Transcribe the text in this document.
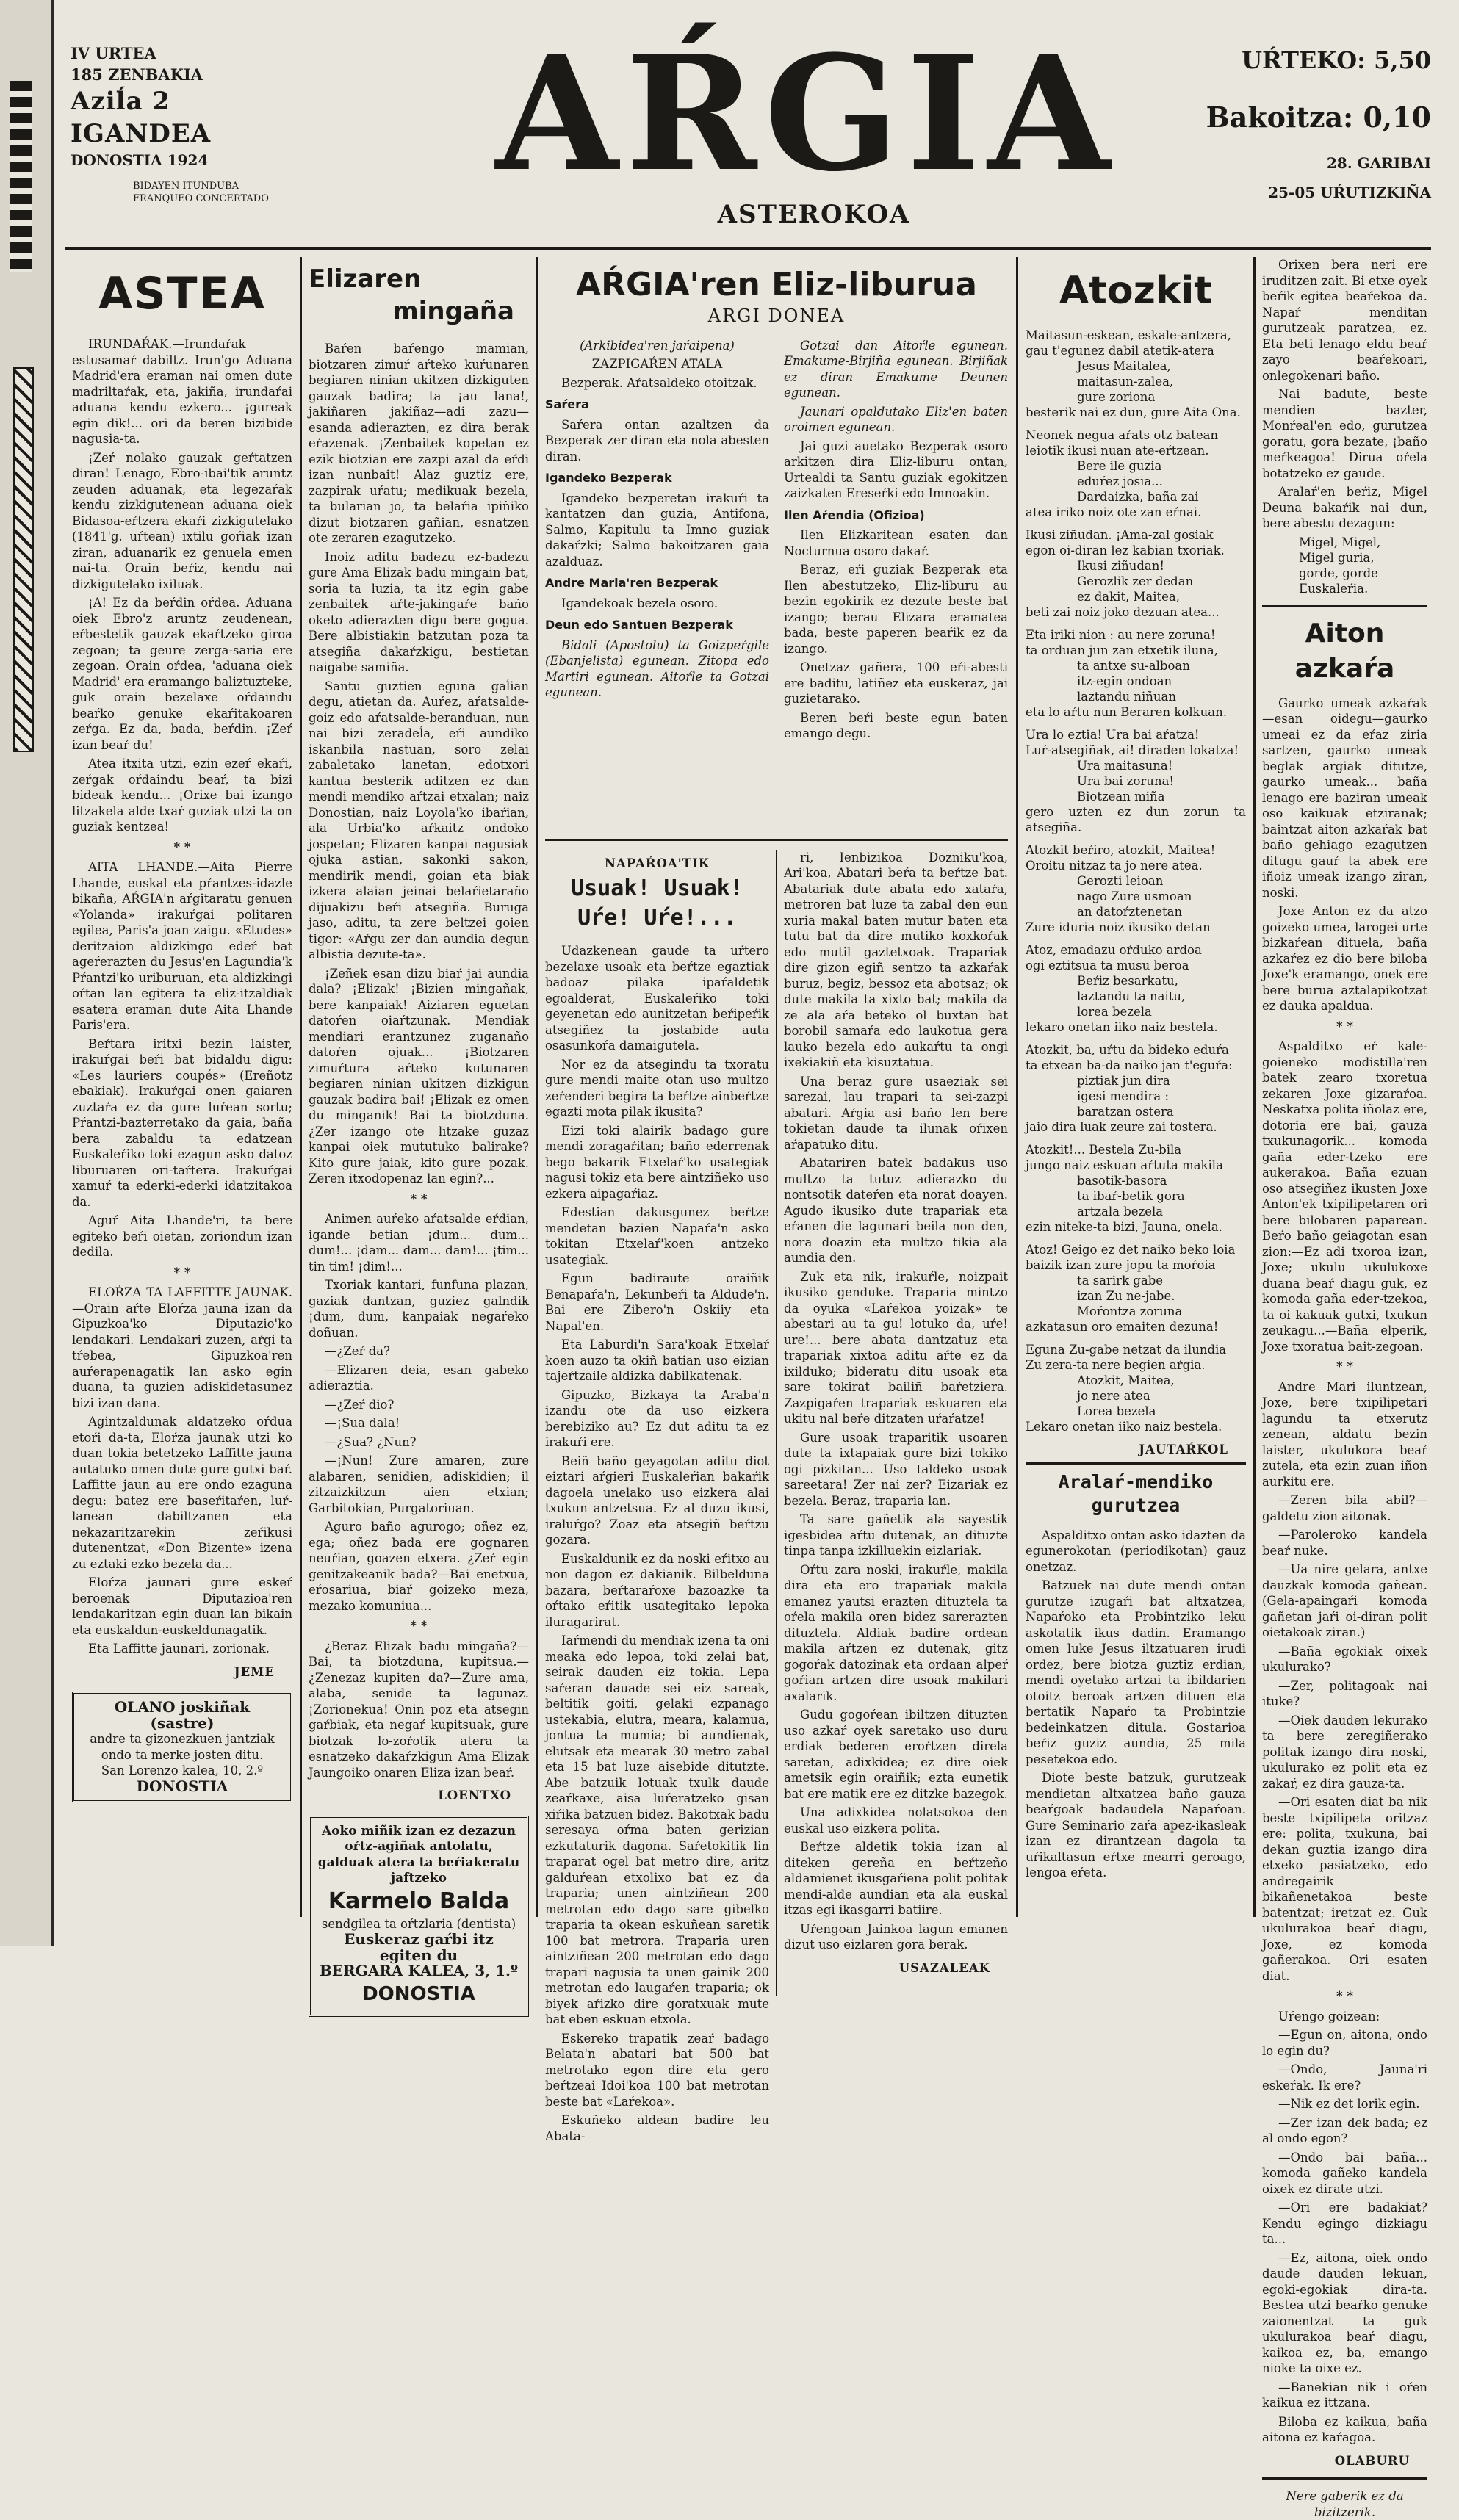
IV URTEA
185 ZENBAKIA
Aziĺa 2
IGANDEA
DONOSTIA 1924
BIDAYEN ITUNDUBA
FRANQUEO CONCERTADO	AŔGIA
ASTEROKOA
UŔTEKO: 5,50
Bakoitza: 0,10
28. GARIBAI
25-05 UŔUTIZKIÑA
ASTEA

IRUNDAŔAK.—Irundaŕak estusamaŕ dabiltz. Irun'go Aduana Madrid'era eraman nai omen dute madriltaŕak, eta, jakiña, irundaŕai aduana kendu ezkero... ¡gureak egin dik!... ori da beren bizibide nagusia-ta.

¡Zeŕ nolako gauzak geŕtatzen diran! Lenago, Ebro-ibai'tik aruntz zeuden aduanak, eta legezaŕak kendu zizkigutenean aduana oiek Bidasoa-eŕtzera ekaŕi zizkigutelako (1841'g. uŕtean) ixtilu goŕiak izan ziran, aduanarik ez genuela emen nai-ta. Orain beŕiz, kendu nai dizkigutelako ixiluak.

¡A! Ez da beŕdin oŕdea. Aduana oiek Ebro'z aruntz zeudenean, eŕbestetik gauzak ekaŕtzeko giroa zegoan; ta geure zerga-saria ere zegoan. Orain oŕdea, 'aduana oiek Madrid' era eramango baliztuzteke, guk orain bezelaxe oŕdaindu beaŕko genuke ekaŕitakoaren zeŕga. Ez da, bada, beŕdin. ¡Zeŕ izan beaŕ du!

Atea itxita utzi, ezin ezeŕ ekaŕi, zeŕgak oŕdaindu beaŕ, ta bizi bideak kendu... ¡Orixe bai izango litzakela alde txaŕ guziak utzi ta on guziak kentzea!

* *

AITA LHANDE.—Aita Pierre Lhande, euskal eta pŕantzes-idazle bikaña, AŔGIA'n aŕgitaratu genuen «Yolanda» irakuŕgai politaren egilea, Paris'a joan zaigu. «Etudes» deritzaion aldizkingo edeŕ bat ageŕerazten du Jesus'en Lagundia'k Pŕantzi'ko uriburuan, eta aldizkingi oŕtan lan egitera ta eliz-itzaldiak esatera eraman dute Aita Lhande Paris'era.

Beŕtara iritxi bezin laister, irakuŕgai beŕi bat bidaldu digu: «Les lauriers coupés» (Ereñotz ebakiak). Irakuŕgai onen gaiaren zuztaŕa ez da gure luŕean sortu; Pŕantzi-bazterretako da gaia, baña bera zabaldu ta edatzean Euskaleŕiko toki ezagun asko datoz liburuaren ori-taŕtera. Irakuŕgai xamuŕ ta ederki-ederki idatzitakoa da.

Aguŕ Aita Lhande'ri, ta bere egiteko beŕi oietan, zoriondun izan dedila.

* *

ELOŔZA TA LAFFITTE JAUNAK.—Orain aŕte Eloŕza jauna izan da Gipuzkoa'ko Diputazio'ko lendakari. Lendakari zuzen, aŕgi ta tŕebea, Gipuzkoa'ren auŕerapenagatik lan asko egin duana, ta guzien adiskidetasunez bizi izan dana.

Agintzaldunak aldatzeko oŕdua etoŕi da-ta, Eloŕza jaunak utzi ko duan tokia betetzeko Laffitte jauna autatuko omen dute gure gutxi baŕ. Laffitte jaun au ere ondo ezaguna degu: batez ere baseŕitaŕen, luŕ-lanean dabiltzanen eta nekazaritzarekin zeŕikusi dutenentzat, «Don Bizente» izena zu eztaki ezko bezela da...

Eloŕza jaunari gure eskeŕ beroenak Diputazioa'ren lendakaritzan egin duan lan bikain eta euskaldun-euskeldunagatik.

Eta Laffitte jaunari, zorionak.

JEME
OLANO joskiñak (sastre)
andre ta gizonezkuen jantziak ondo ta merke josten ditu.
San Lorenzo kalea, 10, 2.º
DONOSTIA
Elizaren
mingaña

Baŕen baŕengo mamian, biotzaren zimuŕ aŕteko kuŕunaren begiaren ninian ukitzen dizkiguten gauzak badira; ta ¡au lana!, jakiñaren jakiñaz—adi zazu—esanda adierazten, ez dira berak eŕazenak. ¡Zenbaitek kopetan ez ezik biotzian ere zazpi azal da eŕdi izan nunbait! Alaz guztiz ere, zazpirak uŕatu; medikuak bezela, ta bularian jo, ta belaŕia ipiñiko dizut biotzaren gañian, esnatzen ote zeraren ezagutzeko.

Inoiz aditu badezu ez-badezu gure Ama Elizak badu mingain bat, soria ta luzia, ta itz egin gabe zenbaitek aŕte-jakingaŕe baño oketo adierazten digu bere gogua. Bere albistiakin batzutan poza ta atsegiña dakaŕzkigu, bestietan naigabe samiña.

Santu guztien eguna gaĺian degu, atietan da. Auŕez, aŕatsalde-goiz edo aŕatsalde-beranduan, nun nai bizi zeradeĺa, eŕi aundiko iskanbila nastuan, soro zelai zabaletako lanetan, edotxori kantua besterik aditzen ez dan mendi mendiko aŕtzai etxalan; naiz Donostian, naiz Loyola'ko ibaŕian, ala Urbia'ko aŕkaitz ondoko jospetan; Elizaren kanpai nagusiak ojuka astian, sakonki sakon, mendirik mendi, goian eta biak izkera alaian jeinai belaŕietaraño dijuakizu beŕi atsegiña. Buruga jaso, aditu, ta zere beltzei goien tigor: «Aŕgu zer dan aundia degun albistia dezute-ta».

¡Zeñek esan dizu biaŕ jai aundia dala? ¡Elizak! ¡Bizien mingañak, bere kanpaiak! Aiziaren eguetan datoŕen oiaŕtzunak. Mendiak mendiari erantzunez zuganaño datoŕen ojuak... ¡Biotzaren zimuŕtura aŕteko kutunaren begiaren ninian ukitzen dizkigun gauzak badira bai! ¡Elizak ez omen du minganik! Bai ta biotzduna. ¿Zer izango ote litzake guzaz kanpai oiek mututuko balirake? Kito gure jaiak, kito gure pozak. Zeren itxodopenaz lan egin?...

* *

Animen auŕeko aŕatsalde eŕdian, igande betian ¡dum... dum... dum!... ¡dam... dam... dam!... ¡tim... tin tim! ¡dim!...

Txoriak kantari, funfuna plazan, gaziak dantzan, guziez galndik ¡dum, dum, kanpaiak negaŕeko doñuan.

—¿Zeŕ da?

—Elizaren deia, esan gabeko adieraztia.

—¿Zeŕ dio?

—¡Sua dala!

—¿Sua? ¿Nun?

—¡Nun! Zure amaren, zure alabaren, senidien, adiskidien; il zitzaizkitzun aien etxian; Garbitokian, Purgatoriuan.

Aguro baño agurogo; oñez ez, ega; oñez bada ere gognaren neuŕian, goazen etxera. ¿Zeŕ egin genitzakeanik bada?—Bai enetxua, eŕosariua, biaŕ goizeko meza, mezako komuniua...

* *

¿Beraz Elizak badu mingaña?—Bai, ta biotzduna, kupitsua.—¿Zenezaz kupiten da?—Zure ama, alaba, senide ta lagunaz. ¡Zorionekua! Onin poz eta atsegin gaŕbiak, eta negaŕ kupitsuak, gure biotzak lo-zoŕotik atera ta esnatzeko dakaŕzkigun Ama Elizak Jaungoiko onaren Eliza izan beaŕ.

LOENTXO
Aoko miñik izan ez dezazun oŕtz-agiñak antolatu, galduak atera ta beŕiakeratu jaftzeko
Karmelo Balda
sendgilea ta oŕtzlaria (dentista)
Euskeraz gaŕbi itz egiten du
BERGARA KALEA, 3, 1.º
DONOSTIA
AŔGIA'ren Eliz-liburua
ARGI DONEA

(Arkibidea'ren jaŕaipena)

ZAZPIGAŔEN ATALA

Bezperak. Aŕatsaldeko otoitzak.

Saŕera

Saŕera ontan azaltzen da Bezperak zer diran eta nola abesten diran.

Igandeko Bezperak

Igandeko bezperetan irakuŕi ta kantatzen dan guzia, Antifona, Salmo, Kapitulu ta Imno guziak dakaŕzki; Salmo bakoitzaren gaia azalduaz.

Andre Maria'ren Bezperak

Igandekoak bezela osoro.

Deun edo Santuen Bezperak

Bidali (Apostolu) ta Goizpeŕgile (Ebanjelista) egunean. Zitopa edo Martiri egunean. Aitoŕle ta Gotzai egunean.

Gotzai dan Aitoŕle egunean. Emakume-Birjiña egunean. Birjiñak ez diran Emakume Deunen egunean.

Jaunari opaldutako Eliz'en baten oroimen egunean.

Jai guzi auetako Bezperak osoro arkitzen dira Eliz-liburu ontan, Urtealdi ta Santu guziak egokitzen zaizkaten Ereseŕki edo Imnoakin.

Ilen Aŕendia (Ofizioa)

Ilen Elizkaritean esaten dan Nocturnua osoro dakaŕ.

Beraz, eŕi guziak Bezperak eta Ilen abestutzeko, Eliz-liburu au bezin egokirik ez dezute beste bat izango; berau Elizara eramatea bada, beste paperen beaŕik ez da izango.

Onetzaz gañera, 100 eŕi-abesti ere baditu, latiñez eta euskeraz, jai guzietarako.

Beren beŕi beste egun baten emango degu.

NAPAŔOA'TIK

Usuak! Usuak! Uŕe! Uŕe!...

Udazkenean gaude ta uŕtero bezelaxe usoak eta beŕtze egaztiak badoaz pilaka ipaŕaldetik egoalderat, Euskaleŕiko toki geyenetan edo aunitzetan beŕipeŕik atsegiñez ta jostabide auta osasunkoŕa damaigutela.

Nor ez da atsegindu ta txoratu gure mendi maite otan uso multzo zeŕenderi begira ta beŕtze ainbeŕtze egazti mota pilak ikusita?

Eizi toki alairik badago gure mendi zoragaŕitan; baño ederrenak bego bakarik Etxelaŕ'ko usategiak nagusi tokiz eta bere aintziñeko uso ezkera aipagaŕiaz.

Edestian dakusgunez beŕtze mendetan bazien Napaŕa'n asko tokitan Etxelaŕ'koen antzeko usategiak.

Egun badiraute oraiñik Benapaŕa'n, Lekunbeŕi ta Aldude'n. Bai ere Zibero'n Oskiiy eta Napal'en.

Eta Laburdi'n Sara'koak Etxelaŕ koen auzo ta okiñ batian uso eizian tajeŕtzaile aldizka dabilkatenak.

Gipuzko, Bizkaya ta Araba'n izandu ote da uso eizkera berebiziko au? Ez dut aditu ta ez irakuŕi ere.

Beiñ baño geyagotan aditu diot eiztari aŕgieri Euskaleŕian bakaŕik dagoela unelako uso eizkera alai txukun antzetsua. Ez al duzu ikusi, iraluŕgo? Zoaz eta atsegiñ beŕtzu gozara.

Euskaldunik ez da noski eŕitxo au non dagon ez dakianik. Bilbelduna bazara, beŕtaraŕoxe bazoazke ta oŕtako eŕitik usategitako lepoka iluragarirat.

Iaŕmendi du mendiak izena ta oni meaka edo lepoa, toki zelai bat, seirak dauden eiz tokia. Lepa saŕeran dauade sei eiz sareak, beltitik goiti, gelaki ezpanago ustekabia, elutra, meara, kalamua, jontua ta mumia; bi aundienak, elutsak eta mearak 30 metro zabal eta 15 bat luze aisebide ditutzte. Abe batzuik lotuak txulk daude zeaŕkaxe, aisa luŕeratzeko gisan xiŕika batzuen bidez. Bakotxak badu seresaya oŕma baten gerizian ezkutaturik dagona. Saŕetokitik lin traparat ogel bat metro dire, aritz galduŕean etxolixo bat ez da traparia; unen aintziñean 200 metrotan edo dago sare gibelko traparia ta okean eskuñean saretik 100 bat metrora. Traparia uren aintziñean 200 metrotan edo dago trapari nagusia ta unen gainik 200 metrotan edo laugaŕen traparia; ok biyek aŕizko dire goratxuak mute bat eben eskuan etxola.

Eskereko trapatik zeaŕ badago Belata'n abatari bat 500 bat metrotako egon dire eta gero beŕtzeai Idoi'koa 100 bat metrotan beste bat «Laŕekoa».

Eskuñeko aldean badire leu Abata-

ri, Ienbizikoa Dozniku'koa, Ari'koa, Abatari beŕa ta beŕtze bat. Abatariak dute abata edo xataŕa, metroren bat luze ta zabal den eun xuria makal baten mutur baten eta tutu bat da dire mutiko koxkoŕak edo mutil gaztetxoak. Trapariak dire gizon egiñ sentzo ta azkaŕak buruz, begiz, bessoz eta abotsaz; ok dute makila ta xixto bat; makila da ze ala aŕa beteko ol buxtan bat borobil samaŕa edo laukotua gera lauko bezela edo aukaŕtu ta ongi ixekiakiñ eta kisuztatua.

Una beraz gure usaeziak sei sarezai, lau trapari ta sei-zazpi abatari. Aŕgia asi baño len bere tokietan daude ta ilunak oŕixen aŕapatuko ditu.

Abatariren batek badakus uso multzo ta tutuz adierazko du nontsotik dateŕen eta norat doayen. Agudo ikusiko dute trapariak eta eŕanen die lagunari beila non den, nora doazin eta multzo tikia ala aundia den.

Zuk eta nik, irakuŕle, noizpait ikusiko genduke. Traparia mintzo da oyuka «Laŕekoa yoizak» te abestari au ta gu! lotuko da, uŕe! ure!... bere abata dantzatuz eta trapariak xixtoa aditu aŕte ez da ixilduko; bideratu ditu usoak eta sare tokirat bailiñ baŕetziera. Zazpigaŕen trapariak eskuaren eta ukitu nal beŕe ditzaten uŕaŕatze!

Gure usoak traparitik usoaren dute ta ixtapaiak gure bizi tokiko ogi pizkitan... Uso taldeko usoak sareetara! Zer nai zer? Eizariak ez bezela. Beraz, traparia lan.

Ta sare gañetik ala sayestik igesbidea aŕtu dutenak, an dituzte tinpa tanpa izkilluekin eizlariak.

Oŕtu zara noski, irakuŕle, makila dira eta ero trapariak makila emanez yautsi erazten dituztela ta oŕela makila oren bidez sarerazten dituztela. Aldiak badire ordean makila aŕtzen ez dutenak, gitz gogoŕak datozinak eta ordaan alpeŕ goŕian artzen dire usoak makilari axalarik.

Gudu gogoŕean ibiltzen dituzten uso azkaŕ oyek saretako uso duru erdiak bederen eroŕtzen direla saretan, adixkidea; ez dire oiek ametsik egin oraiñik; ezta eunetik bat ere matik ere ez ditzke bazegok.

Una adixkidea nolatsokoa den euskal uso eizkera polita.

Beŕtze aldetik tokia izan al diteken gereña en beŕtzeño aldamienet ikusgaŕiena polit politak mendi-alde aundian eta ala euskal itzas egi ikasgarri batiire.

Uŕengoan Jainkoa lagun emanen dizut uso eizlaren gora berak.

USAZALEAK
Atozkit
Maitasun-eskean, eskale-antzera,
gau t'egunez dabil atetik-atera
Jesus Maitalea,
maitasun-zalea,
gure zoriona
besterik nai ez dun, gure Aita Ona.
Neonek negua aŕats otz batean
leiotik ikusi nuan ate-eŕtzean.
Bere ile guzia
eduŕez josia...
Dardaizka, baña zai
atea iriko noiz ote zan eŕnai.
Ikusi ziñudan. ¡Ama-zal gosiak
egon oi-diran lez kabian txoriak.
Ikusi ziñudan!
Gerozlik zer dedan
ez dakit, Maitea,
beti zai noiz joko dezuan atea...
Eta iriki nion : au nere zoruna!
ta orduan jun zan etxetik iluna,
ta antxe su-alboan
itz-egin ondoan
laztandu niñuan
eta lo aŕtu nun Beraren kolkuan.
Ura lo eztia! Ura bai aŕatza!
Luŕ-atsegiñak, ai! diraden lokatza!
Ura maitasuna!
Ura bai zoruna!
Biotzean miña
gero uzten ez dun zorun ta atsegiña.
Atozkit beŕiro, atozkit, Maitea!
Oroitu nitzaz ta jo nere atea.
Gerozti leioan
nago Zure usmoan
an datoŕztenetan
Zure iduria noiz ikusiko detan
Atoz, emadazu oŕduko ardoa
ogi eztitsua ta musu beroa
Beŕiz besarkatu,
laztandu ta naitu,
lorea bezela
lekaro onetan iiko naiz bestela.
Atozkit, ba, uŕtu da bideko eduŕa
ta etxean ba-da naiko jan t'eguŕa:
piztiak jun dira
igesi mendira :
baratzan ostera
jaio dira luak zeure zai tostera.
Atozkit!... Bestela Zu-bila
jungo naiz eskuan aŕtuta makila
basotik-basora
ta ibaŕ-betik gora
artzala bezela
ezin niteke-ta bizi, Jauna, onela.
Atoz! Geigo ez det naiko beko loia
baizik izan zure jopu ta moŕoia
ta sarirk gabe
izan Zu ne-jabe.
Moŕontza zoruna
azkatasun oro emaiten dezuna!
Eguna Zu-gabe netzat da ilundia
Zu zera-ta nere begien aŕgia.
Atozkit, Maitea,
jo nere atea
Lorea bezela
Lekaro onetan iiko naiz bestela.
JAUTAŔKOL
Aralaŕ-mendiko gurutzea

Aspalditxo ontan asko idazten da egunerokotan (periodikotan) gauz onetzaz.

Batzuek nai dute mendi ontan gurutze izugaŕi bat altxatzea, Napaŕoko eta Probintziko leku askotatik ikus dadin. Eramango omen luke Jesus iltzatuaren irudi ordez, bere biotza guztiz erdian, mendi oyetako artzai ta ibildarien otoitz beroak artzen dituen eta bertatik Napaŕo ta Probintzie bedeinkatzen ditula. Gostarioa beŕiz guziz aundia, 25 mila pesetekoa edo.

Diote beste batzuk, gurutzeak mendietan altxatzea baño gauza beaŕgoak badaudela Napaŕoan. Gure Seminario zaŕa apez-ikasleak izan ez dirantzean dagola ta uŕikaltasun eŕtxe mearri geroago, lengoa eŕeta.

Orixen bera neri ere iruditzen zait. Bi etxe oyek beŕik egitea beaŕekoa da. Napaŕ menditan gurutzeak paratzea, ez. Eta beti lenago eldu beaŕ zayo beaŕekoari, onlegokenari baño.

Nai badute, beste mendien bazter, Monŕeal'en edo, gurutzea goratu, gora bezate, ¡baño meŕkeagoa! Dirua oŕela botatzeko ez gaude.

Aralaŕ'en beŕiz, Migel Deuna bakaŕik nai dun, bere abestu dezagun:

Migel, Migel,
Migel guria,
gorde, gorde
Euskaleŕia.
Aiton azkaŕa

Gaurko umeak azkaŕak—esan oidegu—gaurko umeai ez da eŕaz ziria sartzen, gaurko umeak beglak argiak ditutze, gaurko umeak... baña lenago ere baziran umeak oso kaikuak etziranak; baintzat aiton azkaŕak bat baño gehiago ezagutzen ditugu gauŕ ta abek ere iñoiz umeak izango ziran, noski.

Joxe Anton ez da atzo goizeko umea, larogei urte bizkaŕean dituela, baña azkaŕez ez dio bere biloba Joxe'k eramango, onek ere bere burua aztalapikotzat ez dauka apaldua.

* *

Aspalditxo eŕ kale-goieneko modistilla'ren batek zearo txoretua zekaren Joxe gizaraŕoa. Neskatxa polita iñolaz ere, dotoria ere bai, gauza txukunagorik... komoda gaña eder-tzeko ere aukerakoa. Baña ezuan oso atsegiñez ikusten Joxe Anton'ek txipilipetaren ori bere bilobaren paparean. Beŕo baño geiagotan esan zion:—Ez adi txoroa izan, Joxe; ukulu ukulukoxe duana beaŕ diagu guk, ez komoda gaña eder-tzekoa, ta oi kakuak gutxi, txukun zeukagu...—Baña elperik, Joxe txoratua bait-zegoan.

* *

Andre Mari iluntzean, Joxe, bere txipilipetari lagundu ta etxerutz zenean, aldatu bezin laister, ukulukora beaŕ zutela, eta ezin zuan iñon aurkitu ere.

—Zeren bila abil?—galdetu zion aitonak.

—Paroleroko kandela beaŕ nuke.

—Ua nire gelara, antxe dauzkak komoda gañean. (Gela-apaingaŕi komoda gañetan jaŕi oi-diran polit oietakoak ziran.)

—Baña egokiak oixek ukulurako?

—Zer, politagoak nai ituke?

—Oiek dauden lekurako ta bere zeregiñerako politak izango dira noski, ukulurako ez polit eta ez zakaŕ, ez dira gauza-ta.

—Ori esaten diat ba nik beste txipilipeta oritzaz ere: polita, txukuna, bai dekan guztia izango dira etxeko pasiatzeko, edo andregairik bikañenetakoa beste batentzat; iretzat ez. Guk ukulurakoa beaŕ diagu, Joxe, ez komoda gañerakoa. Ori esaten diat.

* *

Uŕengo goizean:

—Egun on, aitona, ondo lo egin du?

—Ondo, Jauna'ri eskeŕak. Ik ere?

—Nik ez det lorik egin.

—Zer izan dek bada; ez al ondo egon?

—Ondo bai baña... komoda gañeko kandela oixek ez dirate utzi.

—Ori ere badakiat? Kendu egingo dizkiagu ta...

—Ez, aitona, oiek ondo daude dauden lekuan, egoki-egokiak dira-ta. Bestea utzi beaŕko genuke zaionentzat ta guk ukulurakoa beaŕ diagu, kaikoa ez, ba, emango nioke ta oixe ez.

—Banekian nik i oŕen kaikua ez ittzana.

Biloba ez kaikua, baña aitona ez kaŕagoa.

OLABURU

Nere gaberik ez da bizitzerik.
